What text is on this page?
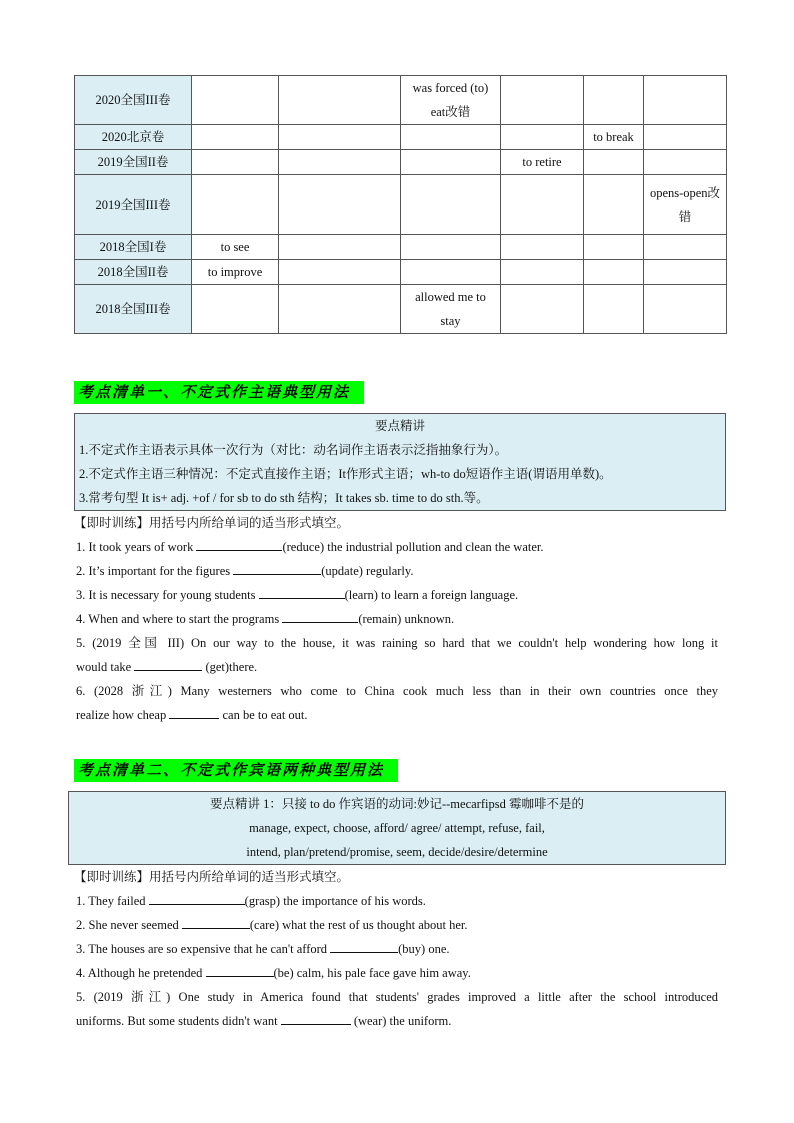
2020全国III卷			was forced (to) eat改错			
2020北京卷					to break	
2019全国II卷				to retire		
2019全国III卷						opens-open改错
2018全国I卷	to see					
2018全国II卷	to improve					
2018全国III卷			allowed me to stay			
考点清单一、不定式作主语典型用法
要点精讲
1.不定式作主语表示具体一次行为（对比：动名词作主语表示泛指抽象行为）。
2.不定式作主语三种情况：不定式直接作主语；It作形式主语；wh-to do短语作主语(谓语用单数)。
3.常考句型 It is+ adj. +of / for sb to do sth 结构；It takes sb. time to do sth.等。
【即时训练】用括号内所给单词的适当形式填空。
1. It took years of work	(reduce) the industrial pollution and clean the water.
2. It’s important for the figures	(update) regularly.
3. It is necessary for young students	(learn) to learn a foreign language.
4. When and where to start the programs	(remain) unknown.
5. (2019 全国 III) On our way to the house, it was raining so hard that we couldn't help wondering how long it
would take	(get)there.
6. (2028 浙江) Many westerners who come to China cook much less than in their own countries once they
realize how cheap	can be to eat out.
考点清单二、不定式作宾语两种典型用法
要点精讲 1：只接 to do 作宾语的动词:妙记--mecarfipsd 霉咖啡不是的
manage, expect, choose, afford/ agree/ attempt, refuse, fail,
intend, plan/pretend/promise, seem, decide/desire/determine
【即时训练】用括号内所给单词的适当形式填空。
1. They failed	(grasp) the importance of his words.
2. She never seemed	(care) what the rest of us thought about her.
3. The houses are so expensive that he can't afford	(buy) one.
4. Although he pretended	(be) calm, his pale face gave him away.
5. (2019 浙江) One study in America found that students' grades improved a little after the school introduced
uniforms. But some students didn't want	(wear) the uniform.
